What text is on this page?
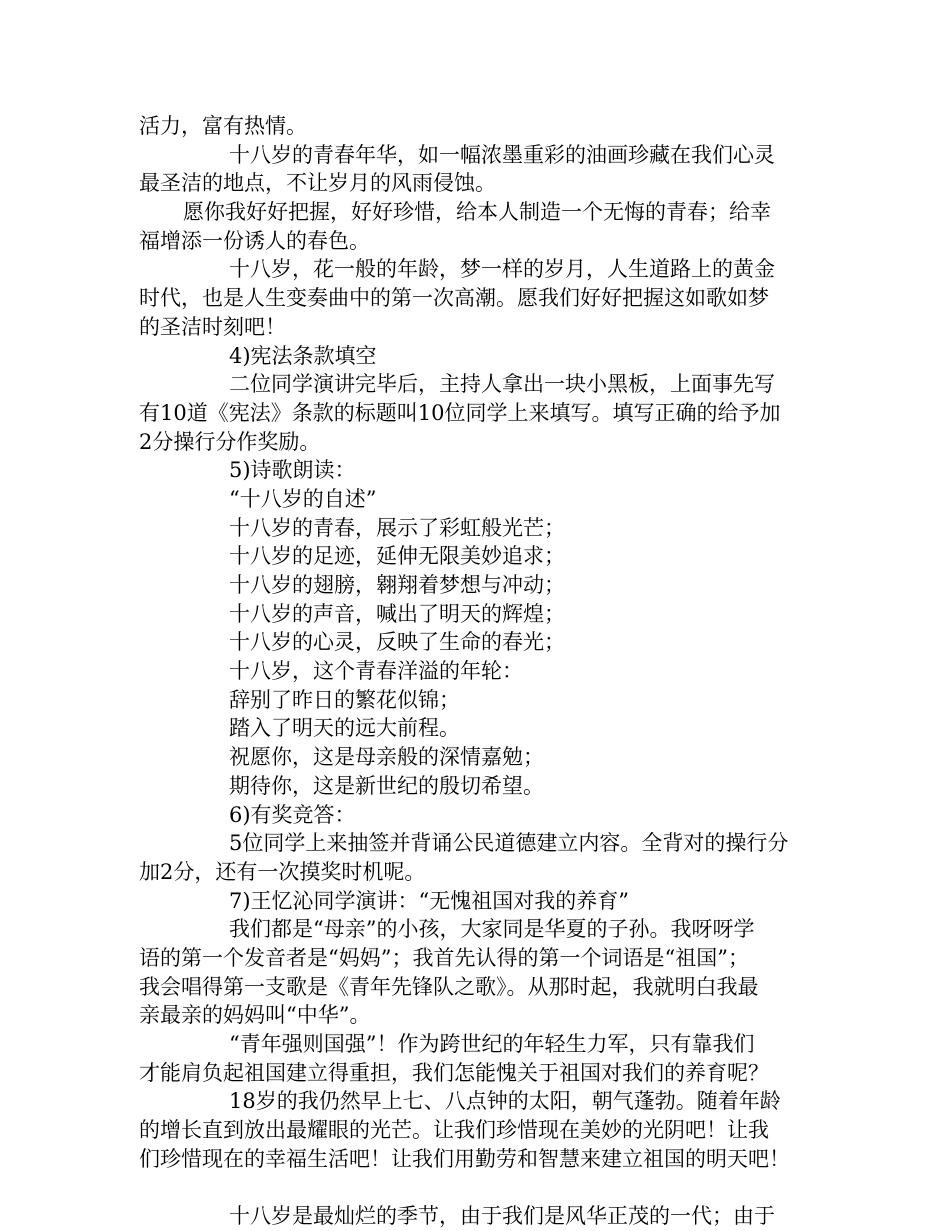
活力，富有热情。
十八岁的青春年华，如一幅浓墨重彩的油画珍藏在我们心灵
最圣洁的地点，不让岁月的风雨侵蚀。
愿你我好好把握，好好珍惜，给本人制造一个无悔的青春；给幸
福增添一份诱人的春色。
十八岁，花一般的年龄，梦一样的岁月，人生道路上的黄金
时代，也是人生变奏曲中的第一次高潮。愿我们好好把握这如歌如梦
的圣洁时刻吧！
4)宪法条款填空
二位同学演讲完毕后，主持人拿出一块小黑板，上面事先写
有10道《宪法》条款的标题叫10位同学上来填写。填写正确的给予加
2分操行分作奖励。
5)诗歌朗读：
“十八岁的自述”
十八岁的青春，展示了彩虹般光芒；
十八岁的足迹，延伸无限美妙追求；
十八岁的翅膀，翱翔着梦想与冲动；
十八岁的声音，喊出了明天的辉煌；
十八岁的心灵，反映了生命的春光；
十八岁，这个青春洋溢的年轮：
辞别了昨日的繁花似锦；
踏入了明天的远大前程。
祝愿你，这是母亲般的深情嘉勉；
期待你，这是新世纪的殷切希望。
6)有奖竞答：
5位同学上来抽签并背诵公民道德建立内容。全背对的操行分
加2分，还有一次摸奖时机呢。
7)王忆沁同学演讲：“无愧祖国对我的养育”
我们都是“母亲”的小孩，大家同是华夏的子孙。我呀呀学
语的第一个发音者是“妈妈”；我首先认得的第一个词语是“祖国”；
我会唱得第一支歌是《青年先锋队之歌》。从那时起，我就明白我最
亲最亲的妈妈叫“中华”。
“青年强则国强”！作为跨世纪的年轻生力军，只有靠我们
才能肩负起祖国建立得重担，我们怎能愧关于祖国对我们的养育呢？
18岁的我仍然早上七、八点钟的太阳，朝气蓬勃。随着年龄
的增长直到放出最耀眼的光芒。让我们珍惜现在美妙的光阴吧！让我
们珍惜现在的幸福生活吧！让我们用勤劳和智慧来建立祖国的明天吧！
十八岁是最灿烂的季节，由于我们是风华正茂的一代；由于
